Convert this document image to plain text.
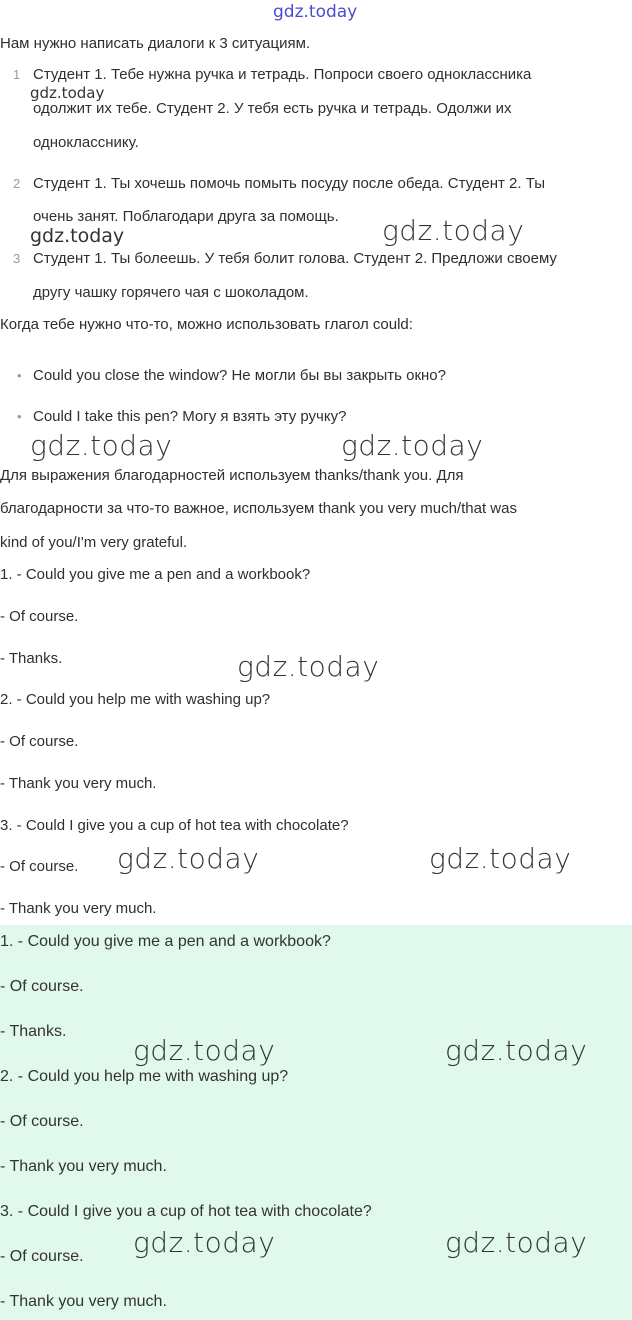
gdz.today
Нам нужно написать диалоги к 3 ситуациям.
1 Студент 1. Тебе нужна ручка и тетрадь. Попроси своего одноклассника
одолжит их тебе. Студент 2. У тебя есть ручка и тетрадь. Одолжи их
однокласснику.
2 Студент 1. Ты хочешь помочь помыть посуду после обеда. Студент 2. Ты
очень занят. Поблагодари друга за помощь.
3 Студент 1. Ты болеешь. У тебя болит голова. Студент 2. Предложи своему
другу чашку горячего чая с шоколадом.
Когда тебе нужно что-то, можно использовать глагол could:
• Could you close the window? Не могли бы вы закрыть окно?
• Could I take this pen? Могу я взять эту ручку?
Для выражения благодарностей используем thanks/thank you. Для
благодарности за что-то важное, используем thank you very much/that was
kind of you/I'm very grateful.
1. - Could you give me a pen and a workbook?
- Of course.
- Thanks.
2. - Could you help me with washing up?
- Of course.
- Thank you very much.
3. - Could I give you a cup of hot tea with chocolate?
- Of course.
- Thank you very much.
1. - Could you give me a pen and a workbook?
- Of course.
- Thanks.
2. - Could you help me with washing up?
- Of course.
- Thank you very much.
3. - Could I give you a cup of hot tea with chocolate?
- Of course.
- Thank you very much.
gdz.today
gdz.today	gdz.today
gdz.today	gdz.today
gdz.today
gdz.today	gdz.today
gdz.today	gdz.today
gdz.today	gdz.today
